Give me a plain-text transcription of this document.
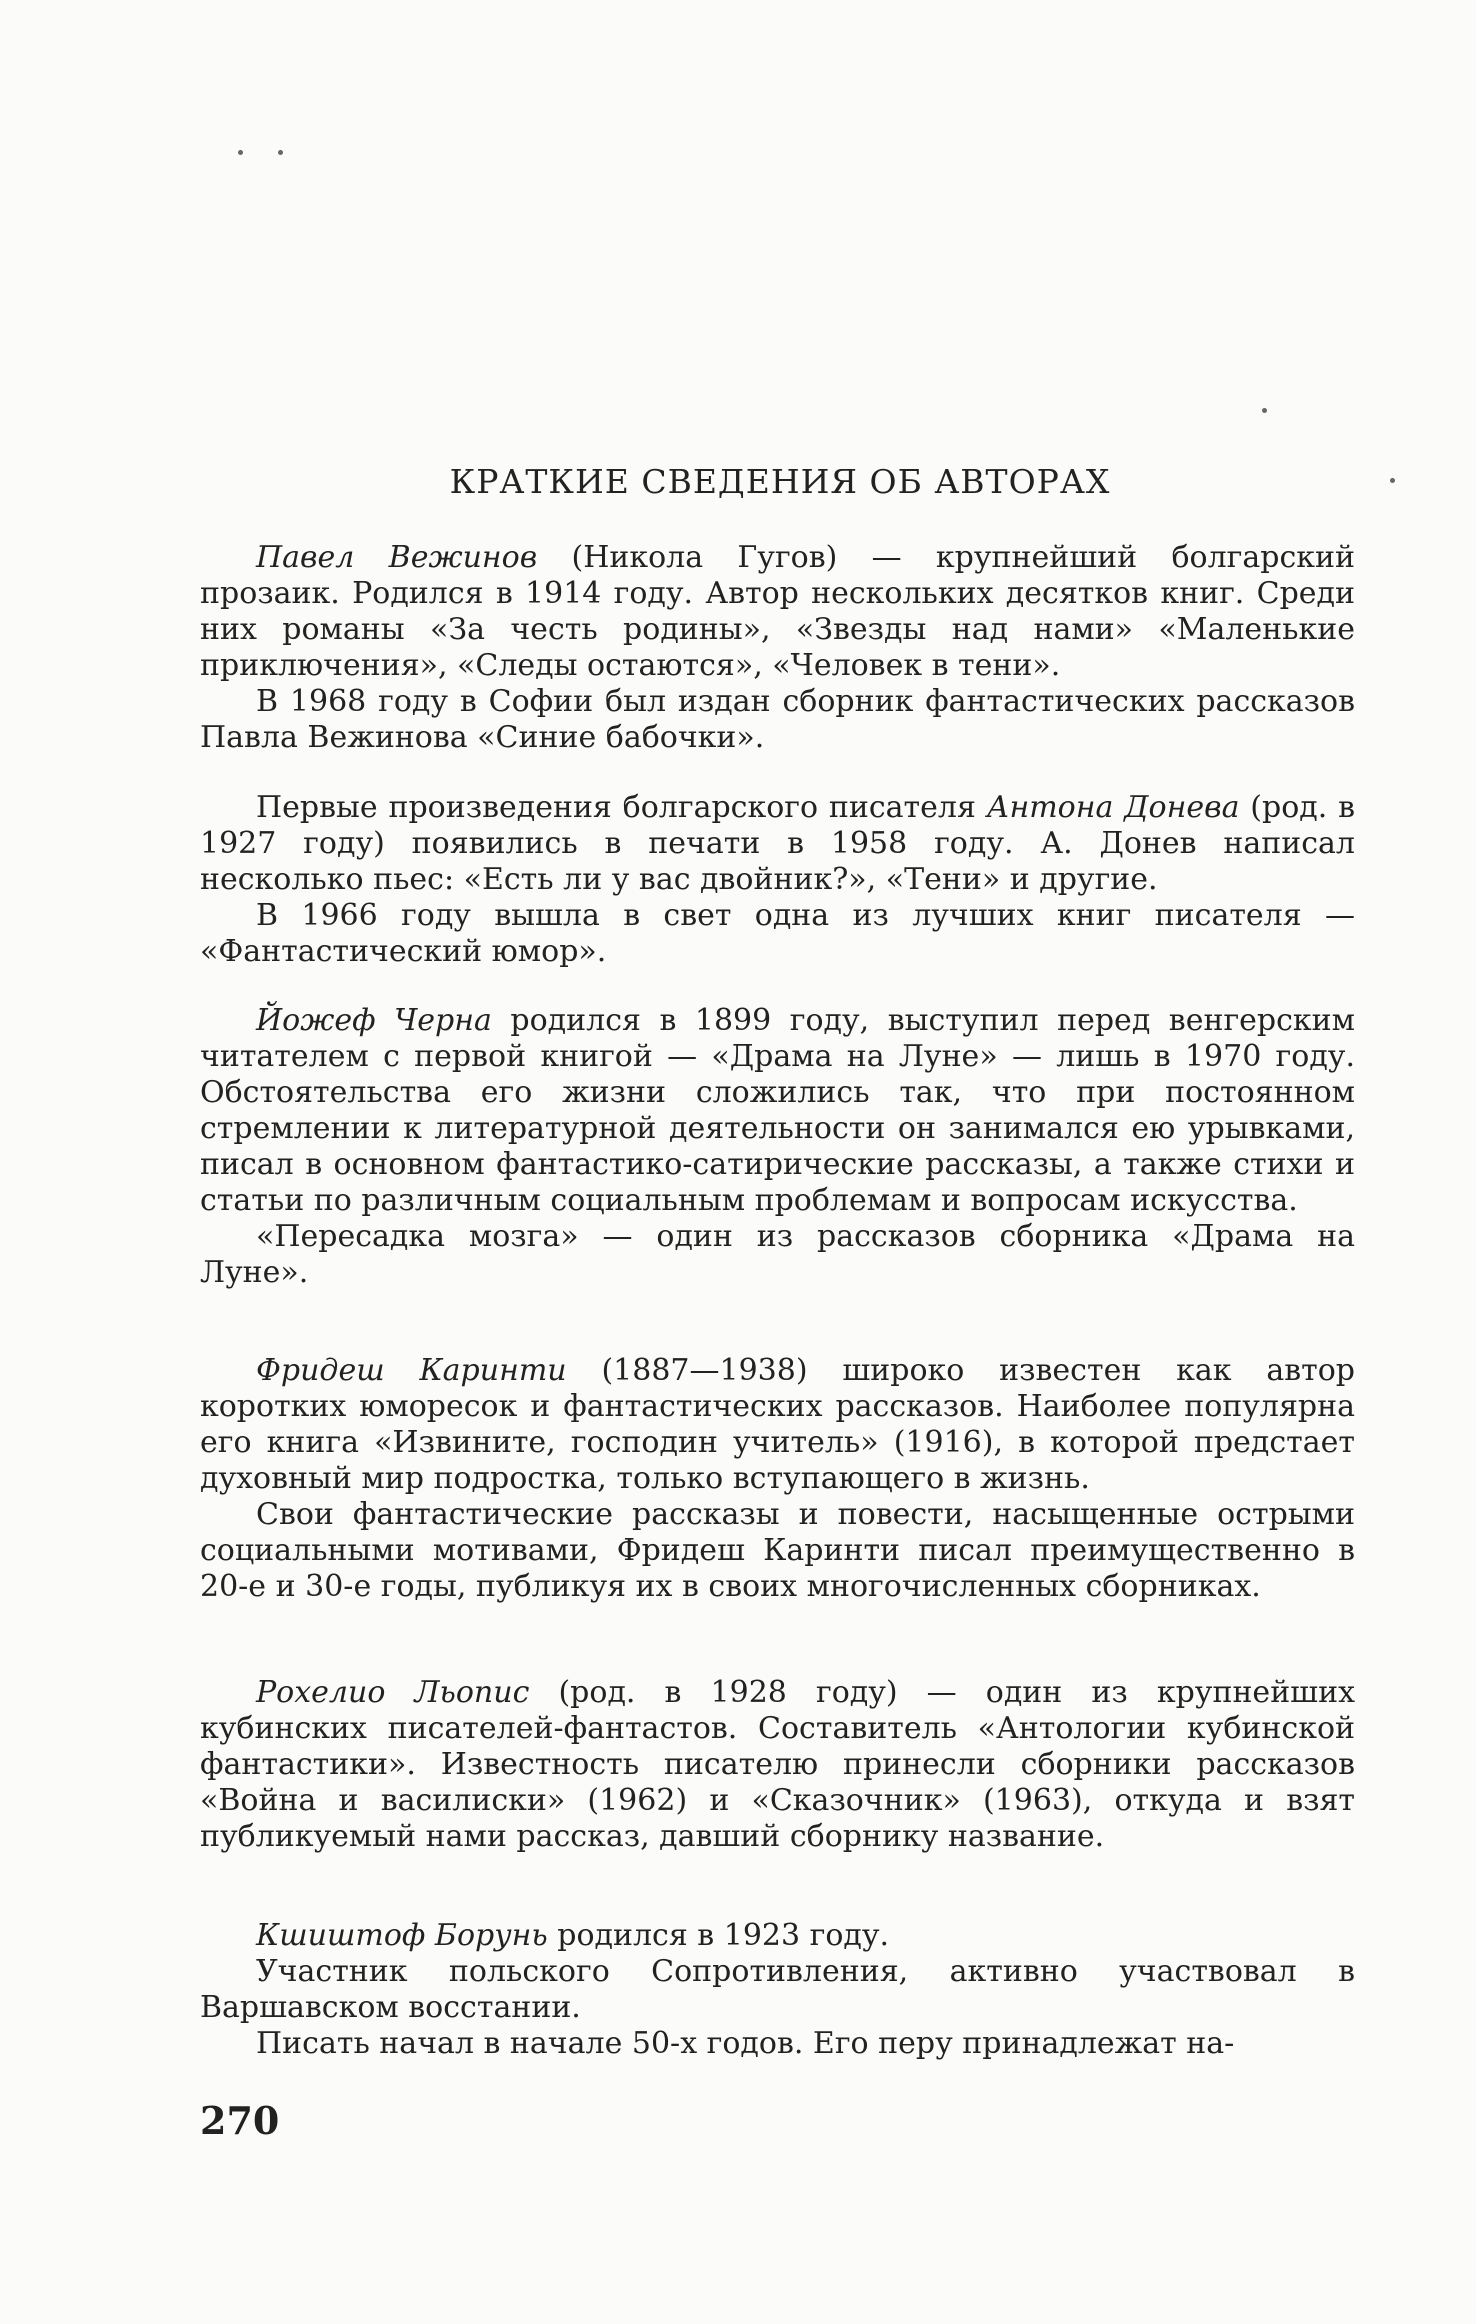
КРАТКИЕ СВЕДЕНИЯ ОБ АВТОРАХ

Павел Вежинов (Никола Гугов) — крупнейший болгарский прозаик. Родился в 1914 году. Автор нескольких десятков книг. Среди них романы «За честь родины», «Звезды над нами» «Маленькие приключения», «Следы остаются», «Человек в тени».

В 1968 году в Софии был издан сборник фантастических рассказов Павла Вежинова «Синие бабочки».

Первые произведения болгарского писателя Антона Донева (род. в 1927 году) появились в печати в 1958 году. А. Донев написал несколько пьес: «Есть ли у вас двойник?», «Тени» и другие.

В 1966 году вышла в свет одна из лучших книг писателя — «Фантастический юмор».

Йожеф Черна родился в 1899 году, выступил перед венгерским читателем с первой книгой — «Драма на Луне» — лишь в 1970 году. Обстоятельства его жизни сложились так, что при постоянном стремлении к литературной деятельности он занимался ею урывками, писал в основном фантастико-сатирические рассказы, а также стихи и статьи по различным социальным проблемам и вопросам искусства.

«Пересадка мозга» — один из рассказов сборника «Драма на Луне».

Фридеш Каринти (1887—1938) широко известен как автор коротких юморесок и фантастических рассказов. Наиболее популярна его книга «Извините, господин учитель» (1916), в которой предстает духовный мир подростка, только вступающего в жизнь.

Свои фантастические рассказы и повести, насыщенные острыми социальными мотивами, Фридеш Каринти писал преимущественно в 20-е и 30-е годы, публикуя их в своих многочисленных сборниках.

Рохелио Льопис (род. в 1928 году) — один из крупнейших кубинских писателей-фантастов. Составитель «Антологии кубинской фантастики». Известность писателю принесли сборники рассказов «Война и василиски» (1962) и «Сказочник» (1963), откуда и взят публикуемый нами рассказ, давший сборнику название.

Кшиштоф Борунь родился в 1923 году.

Участник польского Сопротивления, активно участвовал в Варшавском восстании.

Писать начал в начале 50-х годов. Его перу принадлежат на-

270
